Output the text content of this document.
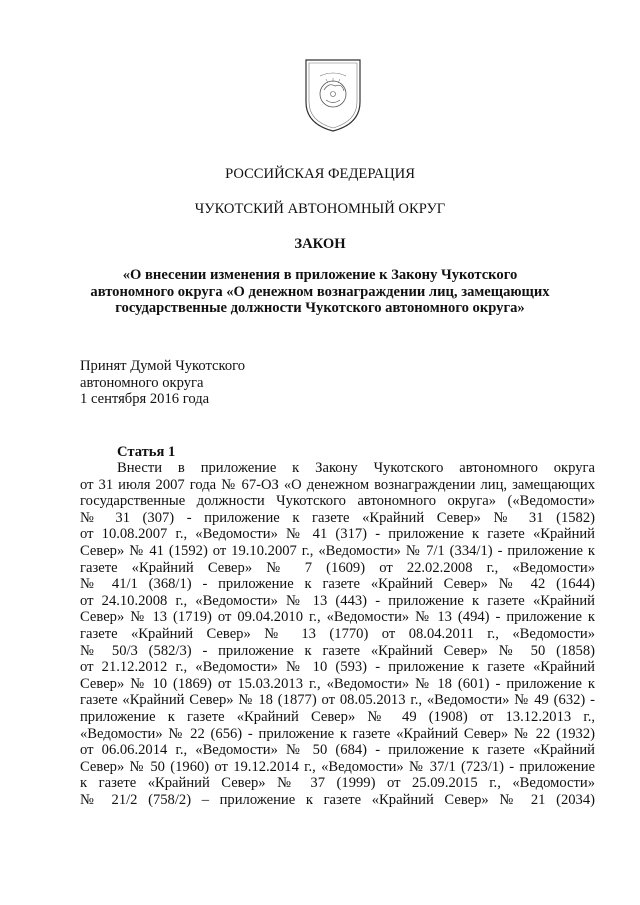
РОССИЙСКАЯ ФЕДЕРАЦИЯ
ЧУКОТСКИЙ АВТОНОМНЫЙ ОКРУГ
ЗАКОН
«О внесении изменения в приложение к Закону Чукотского
автономного округа «О денежном вознаграждении лиц, замещающих
государственные должности Чукотского автономного округа»
Принят Думой Чукотского
автономного округа
1 сентября 2016 года
Статья 1
Внести в приложение к Закону Чукотского автономного округа
от 31 июля 2007 года № 67-ОЗ «О денежном вознаграждении лиц, замещающих
государственные должности Чукотского автономного округа» («Ведомости»
№ 31 (307) - приложение к газете «Крайний Север» № 31 (1582)
от 10.08.2007 г., «Ведомости» № 41 (317) - приложение к газете «Крайний
Север» № 41 (1592) от 19.10.2007 г., «Ведомости» № 7/1 (334/1) - приложение к
газете «Крайний Север» № 7 (1609) от 22.02.2008 г., «Ведомости»
№ 41/1 (368/1) - приложение к газете «Крайний Север» № 42 (1644)
от 24.10.2008 г., «Ведомости» № 13 (443) - приложение к газете «Крайний
Север» № 13 (1719) от 09.04.2010 г., «Ведомости» № 13 (494) - приложение к
газете «Крайний Север» № 13 (1770) от 08.04.2011 г., «Ведомости»
№ 50/3 (582/3) - приложение к газете «Крайний Север» № 50 (1858)
от 21.12.2012 г., «Ведомости» № 10 (593) - приложение к газете «Крайний
Север» № 10 (1869) от 15.03.2013 г., «Ведомости» № 18 (601) - приложение к
газете «Крайний Север» № 18 (1877) от 08.05.2013 г., «Ведомости» № 49 (632) -
приложение к газете «Крайний Север» № 49 (1908) от 13.12.2013 г.,
«Ведомости» № 22 (656) - приложение к газете «Крайний Север» № 22 (1932)
от 06.06.2014 г., «Ведомости» № 50 (684) - приложение к газете «Крайний
Север» № 50 (1960) от 19.12.2014 г., «Ведомости» № 37/1 (723/1) - приложение
к газете «Крайний Север» № 37 (1999) от 25.09.2015 г., «Ведомости»
№ 21/2 (758/2) – приложение к газете «Крайний Север» № 21 (2034)
